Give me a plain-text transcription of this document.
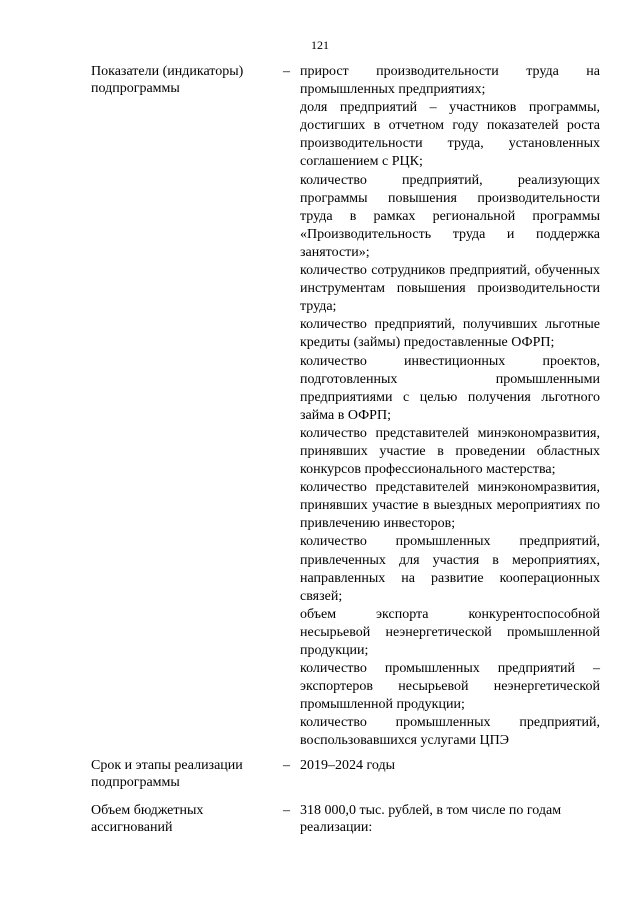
121
Показатели (индикаторы) подпрограммы
– прирост производительности труда на промышленных предприятиях;
доля предприятий – участников программы, достигших в отчетном году показателей роста производительности труда, установленных соглашением с РЦК;
количество предприятий, реализующих программы повышения производительности труда в рамках региональной программы «Производительность труда и поддержка занятости»;
количество сотрудников предприятий, обученных инструментам повышения производительности труда;
количество предприятий, получивших льготные кредиты (займы) предоставленные ОФРП;
количество инвестиционных проектов, подготовленных промышленными предприятиями с целью получения льготного займа в ОФРП;
количество представителей минэкономразвития, принявших участие в проведении областных конкурсов профессионального мастерства;
количество представителей минэкономразвития, принявших участие в выездных мероприятиях по привлечению инвесторов;
количество промышленных предприятий, привлеченных для участия в мероприятиях, направленных на развитие кооперационных связей;
объем экспорта конкурентоспособной несырьевой неэнергетической промышленной продукции;
количество промышленных предприятий – экспортеров несырьевой неэнергетической промышленной продукции;
количество промышленных предприятий, воспользовавшихся услугами ЦПЭ
Срок и этапы реализации подпрограммы
– 2019–2024 годы
Объем бюджетных ассигнований
– 318 000,0 тыс. рублей, в том числе по годам реализации:
